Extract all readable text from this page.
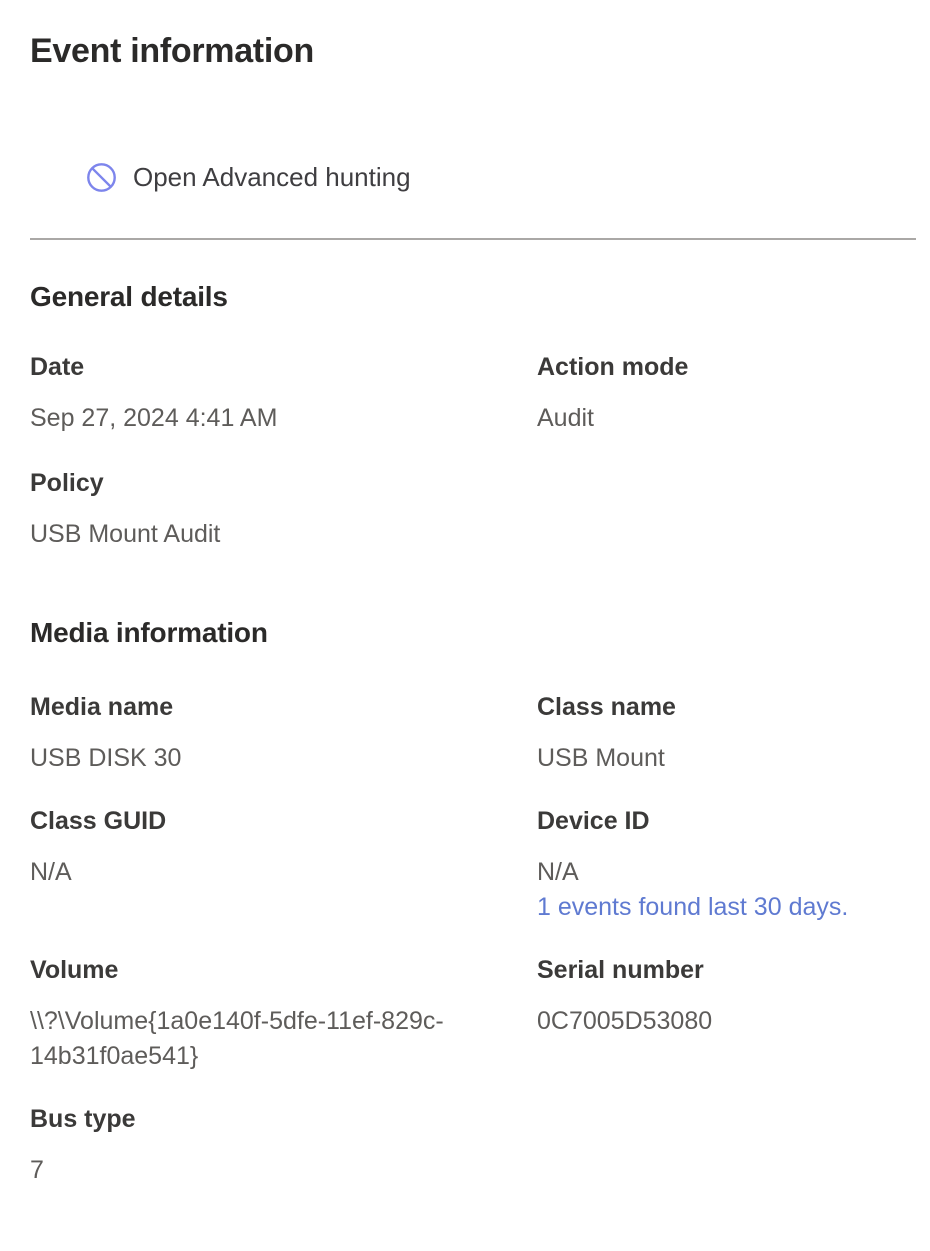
Event information
Open Advanced hunting
General details
Date
Sep 27, 2024 4:41 AM
Action mode
Audit
Policy
USB Mount Audit
Media information
Media name
USB DISK 30
Class name
USB Mount
Class GUID
N/A
Device ID
N/A
1 events found last 30 days.
Volume
\\?\Volume{1a0e140f-5dfe-11ef-829c-14b31f0ae541}
Serial number
0C7005D53080
Bus type
7
